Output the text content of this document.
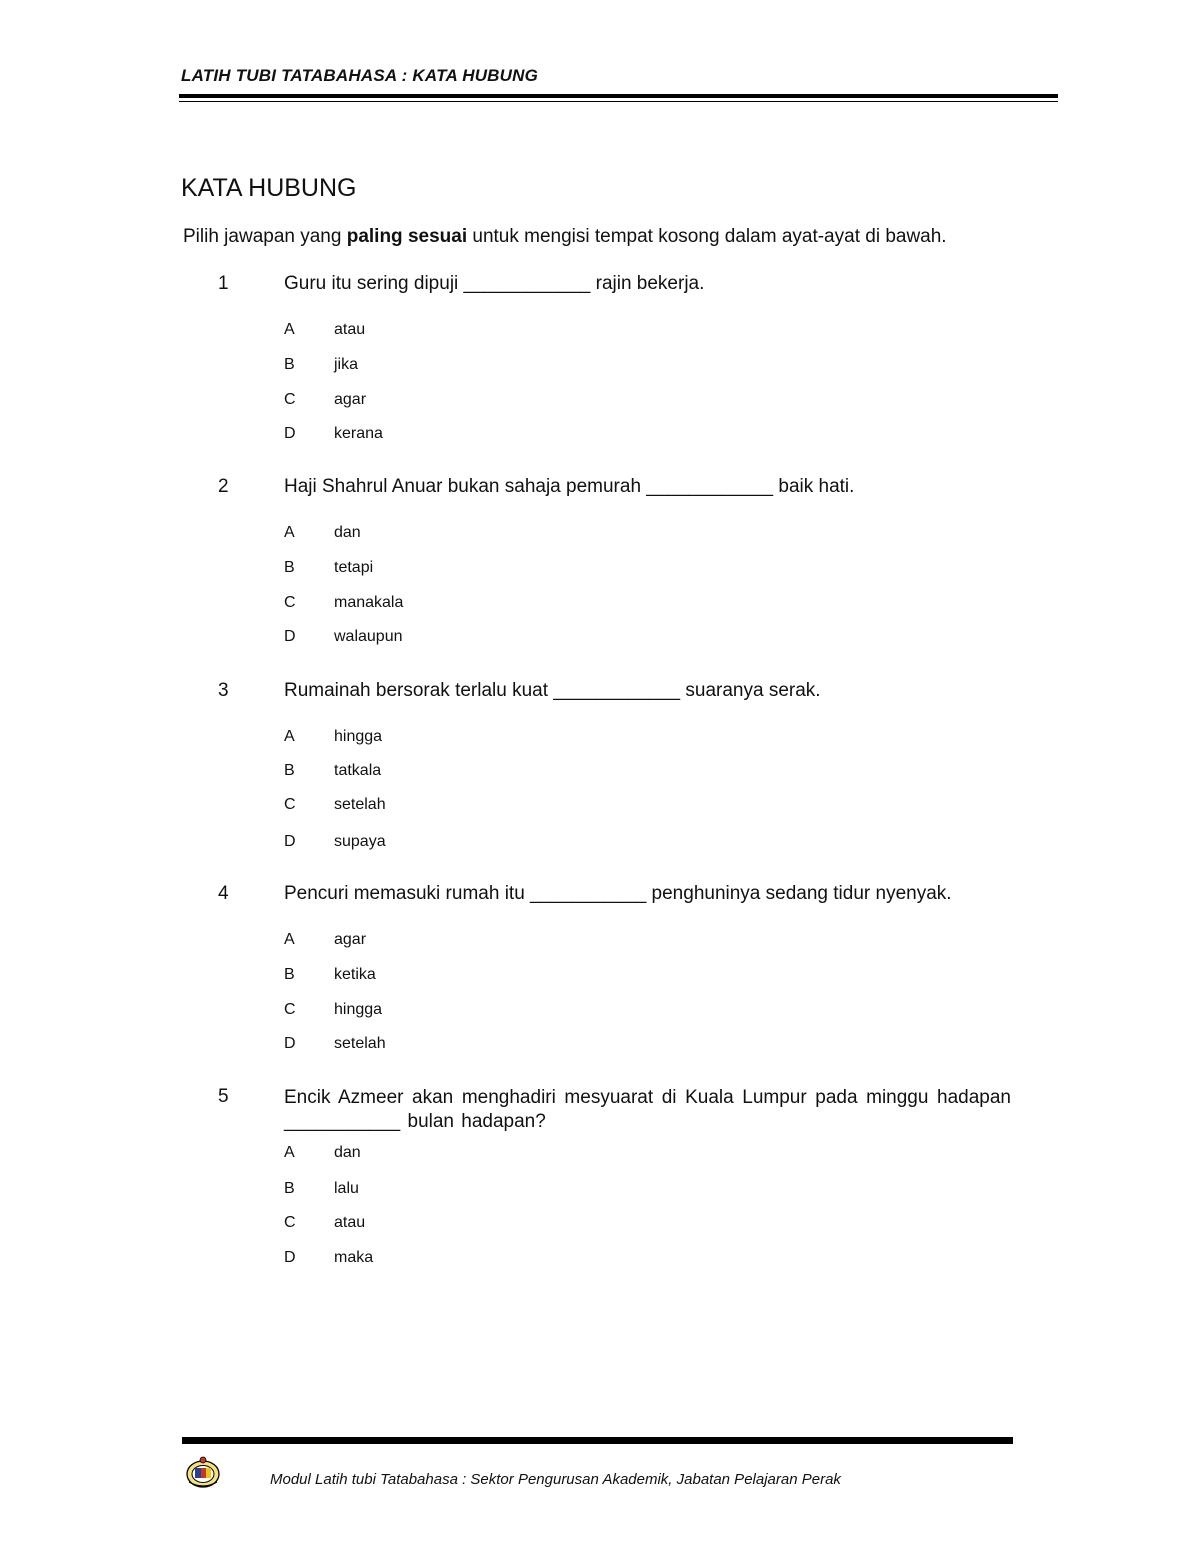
LATIH TUBI TATABAHASA : KATA HUBUNG
KATA HUBUNG
Pilih jawapan yang paling sesuai untuk mengisi tempat kosong dalam ayat-ayat di bawah.
1	Guru itu sering dipuji ____________ rajin bekerja.
A atau
B jika
C agar
D kerana
2	Haji Shahrul Anuar bukan sahaja pemurah ____________ baik hati.
A dan
B tetapi
C manakala
D walaupun
3	Rumainah bersorak terlalu kuat ____________ suaranya serak.
A hingga
B tatkala
C setelah
D supaya
4	Pencuri memasuki rumah itu ___________ penghuninya sedang tidur nyenyak.
A agar
B ketika
C hingga
D setelah
5	Encik Azmeer akan menghadiri mesyuarat di Kuala Lumpur pada minggu hadapan ___________ bulan hadapan?
A dan
B lalu
C atau
D maka
Modul Latih tubi Tatabahasa : Sektor Pengurusan Akademik, Jabatan Pelajaran Perak
